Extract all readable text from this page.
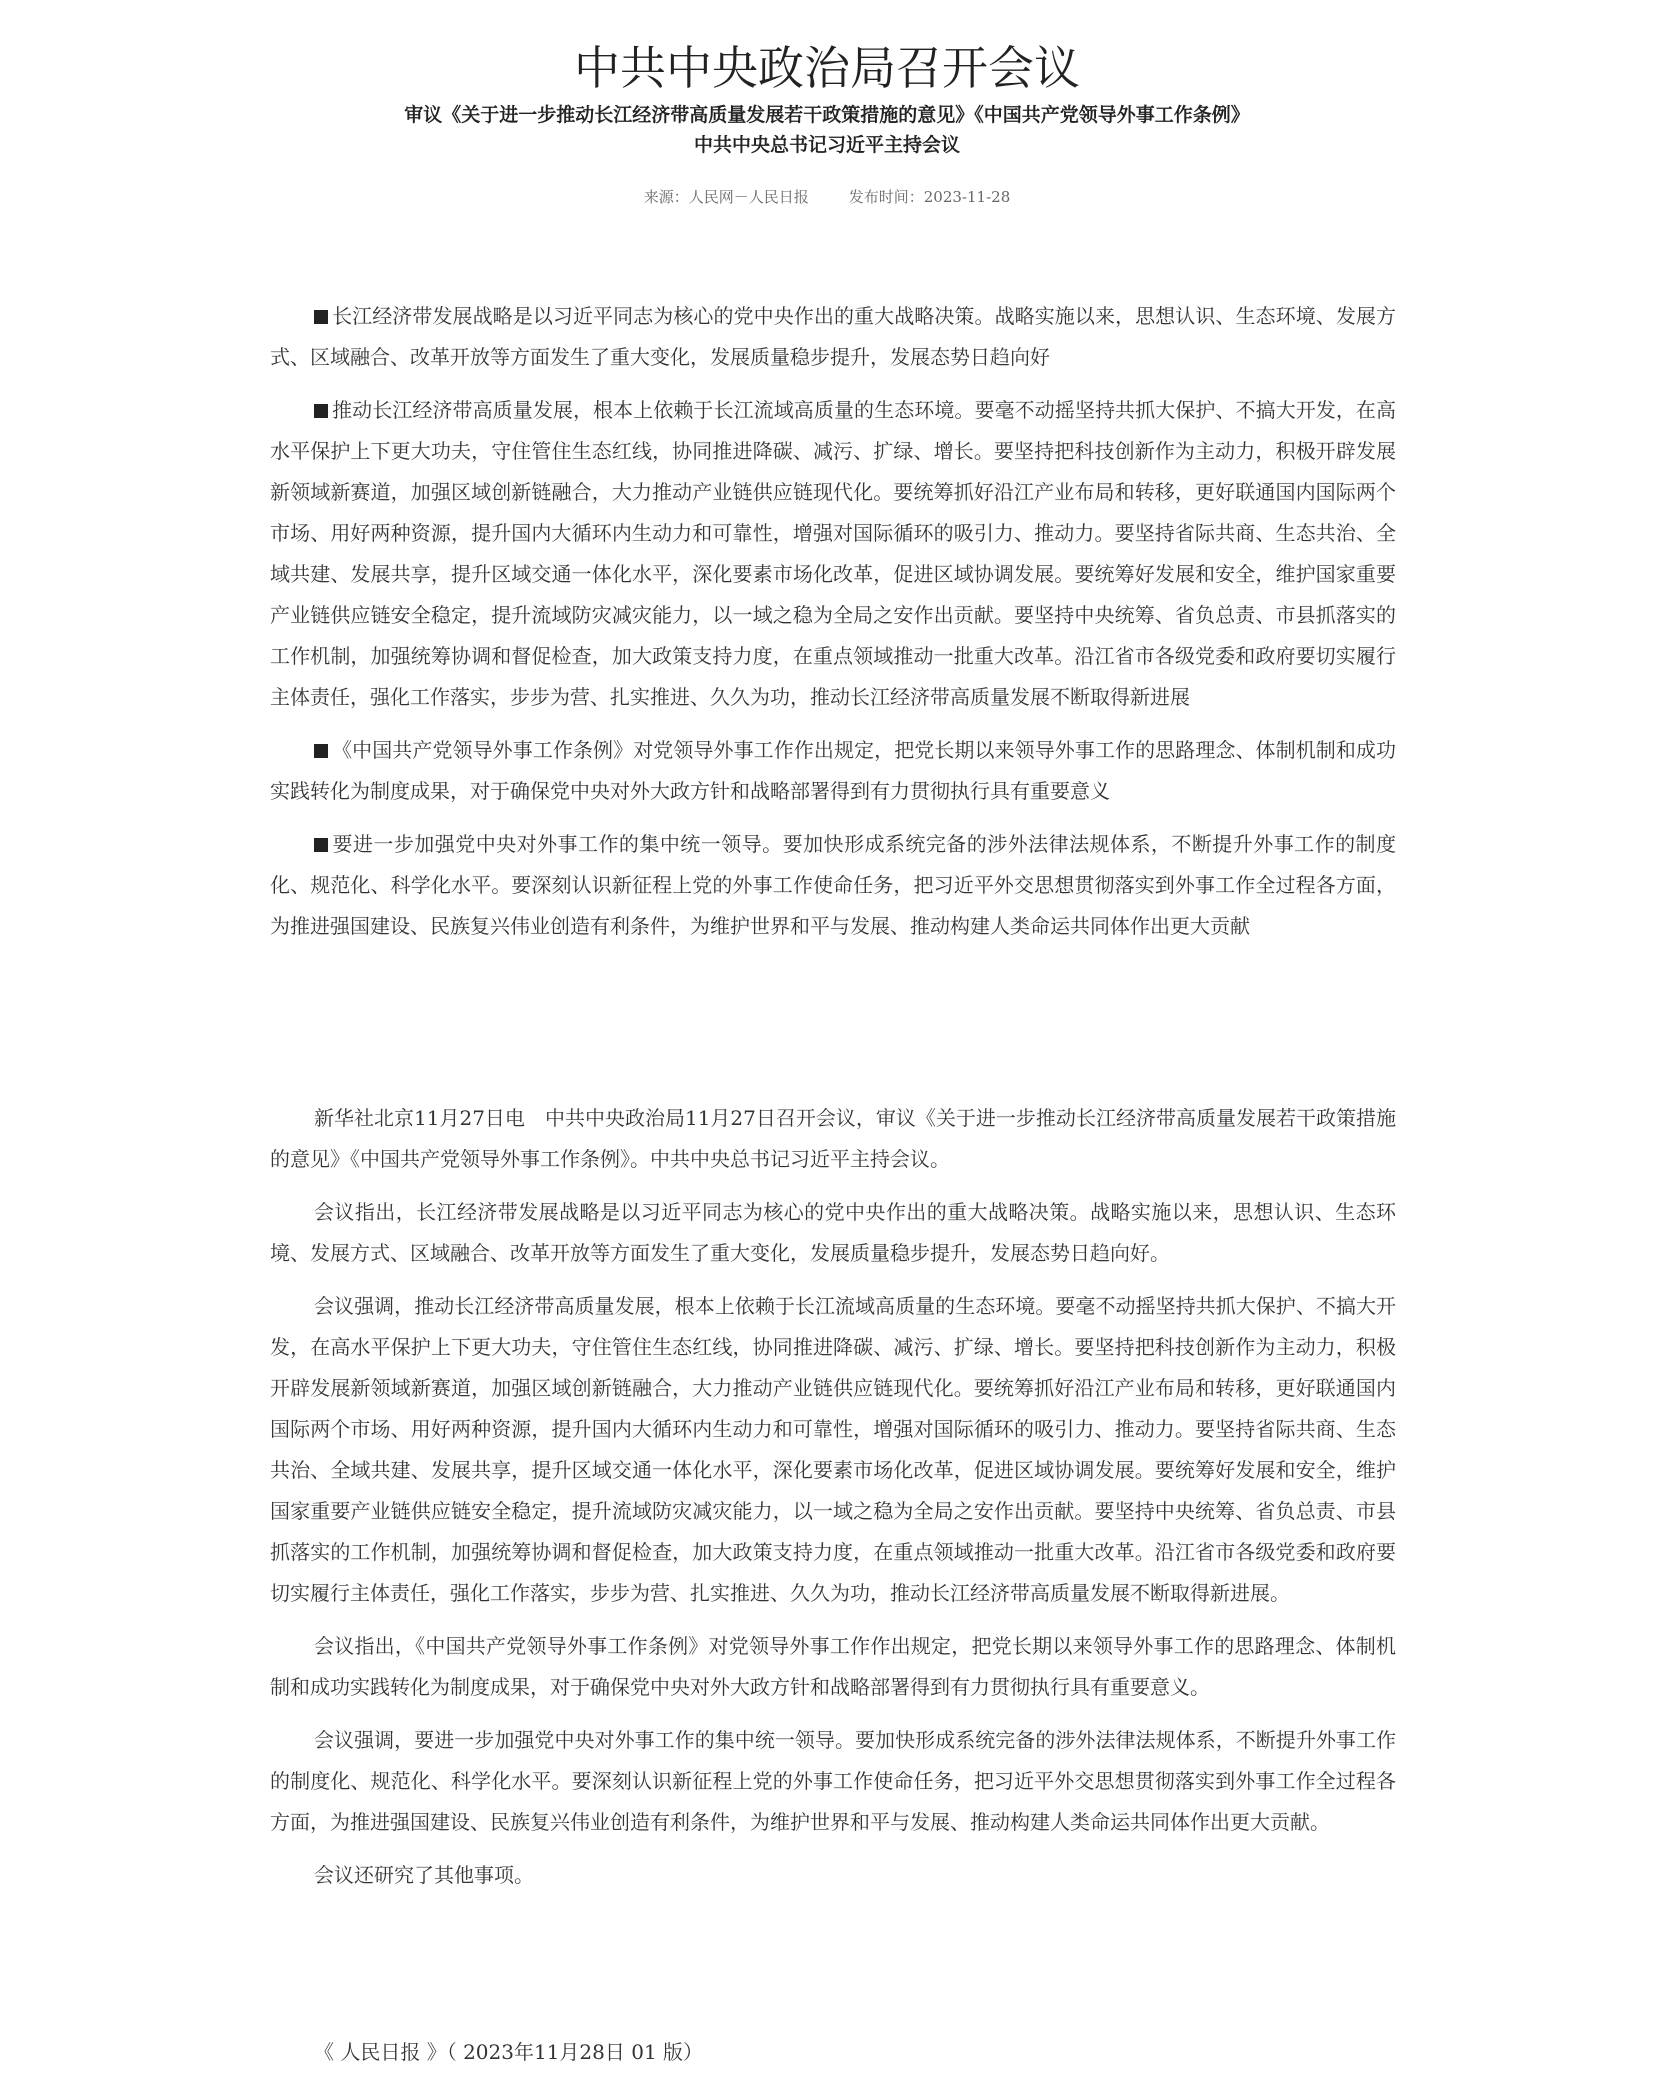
中共中央政治局召开会议
审议《关于进一步推动长江经济带高质量发展若干政策措施的意见》《中国共产党领导外事工作条例》
中共中央总书记习近平主持会议
来源：人民网－人民日报	发布时间：2023-11-28

长江经济带发展战略是以习近平同志为核心的党中央作出的重大战略决策。战略实施以来，思想认识、生态环境、发展方式、区域融合、改革开放等方面发生了重大变化，发展质量稳步提升，发展态势日趋向好

推动长江经济带高质量发展，根本上依赖于长江流域高质量的生态环境。要毫不动摇坚持共抓大保护、不搞大开发，在高水平保护上下更大功夫，守住管住生态红线，协同推进降碳、减污、扩绿、增长。要坚持把科技创新作为主动力，积极开辟发展新领域新赛道，加强区域创新链融合，大力推动产业链供应链现代化。要统筹抓好沿江产业布局和转移，更好联通国内国际两个市场、用好两种资源，提升国内大循环内生动力和可靠性，增强对国际循环的吸引力、推动力。要坚持省际共商、生态共治、全域共建、发展共享，提升区域交通一体化水平，深化要素市场化改革，促进区域协调发展。要统筹好发展和安全，维护国家重要产业链供应链安全稳定，提升流域防灾减灾能力，以一域之稳为全局之安作出贡献。要坚持中央统筹、省负总责、市县抓落实的工作机制，加强统筹协调和督促检查，加大政策支持力度，在重点领域推动一批重大改革。沿江省市各级党委和政府要切实履行主体责任，强化工作落实，步步为营、扎实推进、久久为功，推动长江经济带高质量发展不断取得新进展

《中国共产党领导外事工作条例》对党领导外事工作作出规定，把党长期以来领导外事工作的思路理念、体制机制和成功实践转化为制度成果，对于确保党中央对外大政方针和战略部署得到有力贯彻执行具有重要意义

要进一步加强党中央对外事工作的集中统一领导。要加快形成系统完备的涉外法律法规体系，不断提升外事工作的制度化、规范化、科学化水平。要深刻认识新征程上党的外事工作使命任务，把习近平外交思想贯彻落实到外事工作全过程各方面，为推进强国建设、民族复兴伟业创造有利条件，为维护世界和平与发展、推动构建人类命运共同体作出更大贡献

新华社北京11月27日电　中共中央政治局11月27日召开会议，审议《关于进一步推动长江经济带高质量发展若干政策措施的意见》《中国共产党领导外事工作条例》。中共中央总书记习近平主持会议。

会议指出，长江经济带发展战略是以习近平同志为核心的党中央作出的重大战略决策。战略实施以来，思想认识、生态环境、发展方式、区域融合、改革开放等方面发生了重大变化，发展质量稳步提升，发展态势日趋向好。

会议强调，推动长江经济带高质量发展，根本上依赖于长江流域高质量的生态环境。要毫不动摇坚持共抓大保护、不搞大开发，在高水平保护上下更大功夫，守住管住生态红线，协同推进降碳、减污、扩绿、增长。要坚持把科技创新作为主动力，积极开辟发展新领域新赛道，加强区域创新链融合，大力推动产业链供应链现代化。要统筹抓好沿江产业布局和转移，更好联通国内国际两个市场、用好两种资源，提升国内大循环内生动力和可靠性，增强对国际循环的吸引力、推动力。要坚持省际共商、生态共治、全域共建、发展共享，提升区域交通一体化水平，深化要素市场化改革，促进区域协调发展。要统筹好发展和安全，维护国家重要产业链供应链安全稳定，提升流域防灾减灾能力，以一域之稳为全局之安作出贡献。要坚持中央统筹、省负总责、市县抓落实的工作机制，加强统筹协调和督促检查，加大政策支持力度，在重点领域推动一批重大改革。沿江省市各级党委和政府要切实履行主体责任，强化工作落实，步步为营、扎实推进、久久为功，推动长江经济带高质量发展不断取得新进展。

会议指出，《中国共产党领导外事工作条例》对党领导外事工作作出规定，把党长期以来领导外事工作的思路理念、体制机制和成功实践转化为制度成果，对于确保党中央对外大政方针和战略部署得到有力贯彻执行具有重要意义。

会议强调，要进一步加强党中央对外事工作的集中统一领导。要加快形成系统完备的涉外法律法规体系，不断提升外事工作的制度化、规范化、科学化水平。要深刻认识新征程上党的外事工作使命任务，把习近平外交思想贯彻落实到外事工作全过程各方面，为推进强国建设、民族复兴伟业创造有利条件，为维护世界和平与发展、推动构建人类命运共同体作出更大贡献。

会议还研究了其他事项。

《 人民日报 》（ 2023年11月28日 01 版）
